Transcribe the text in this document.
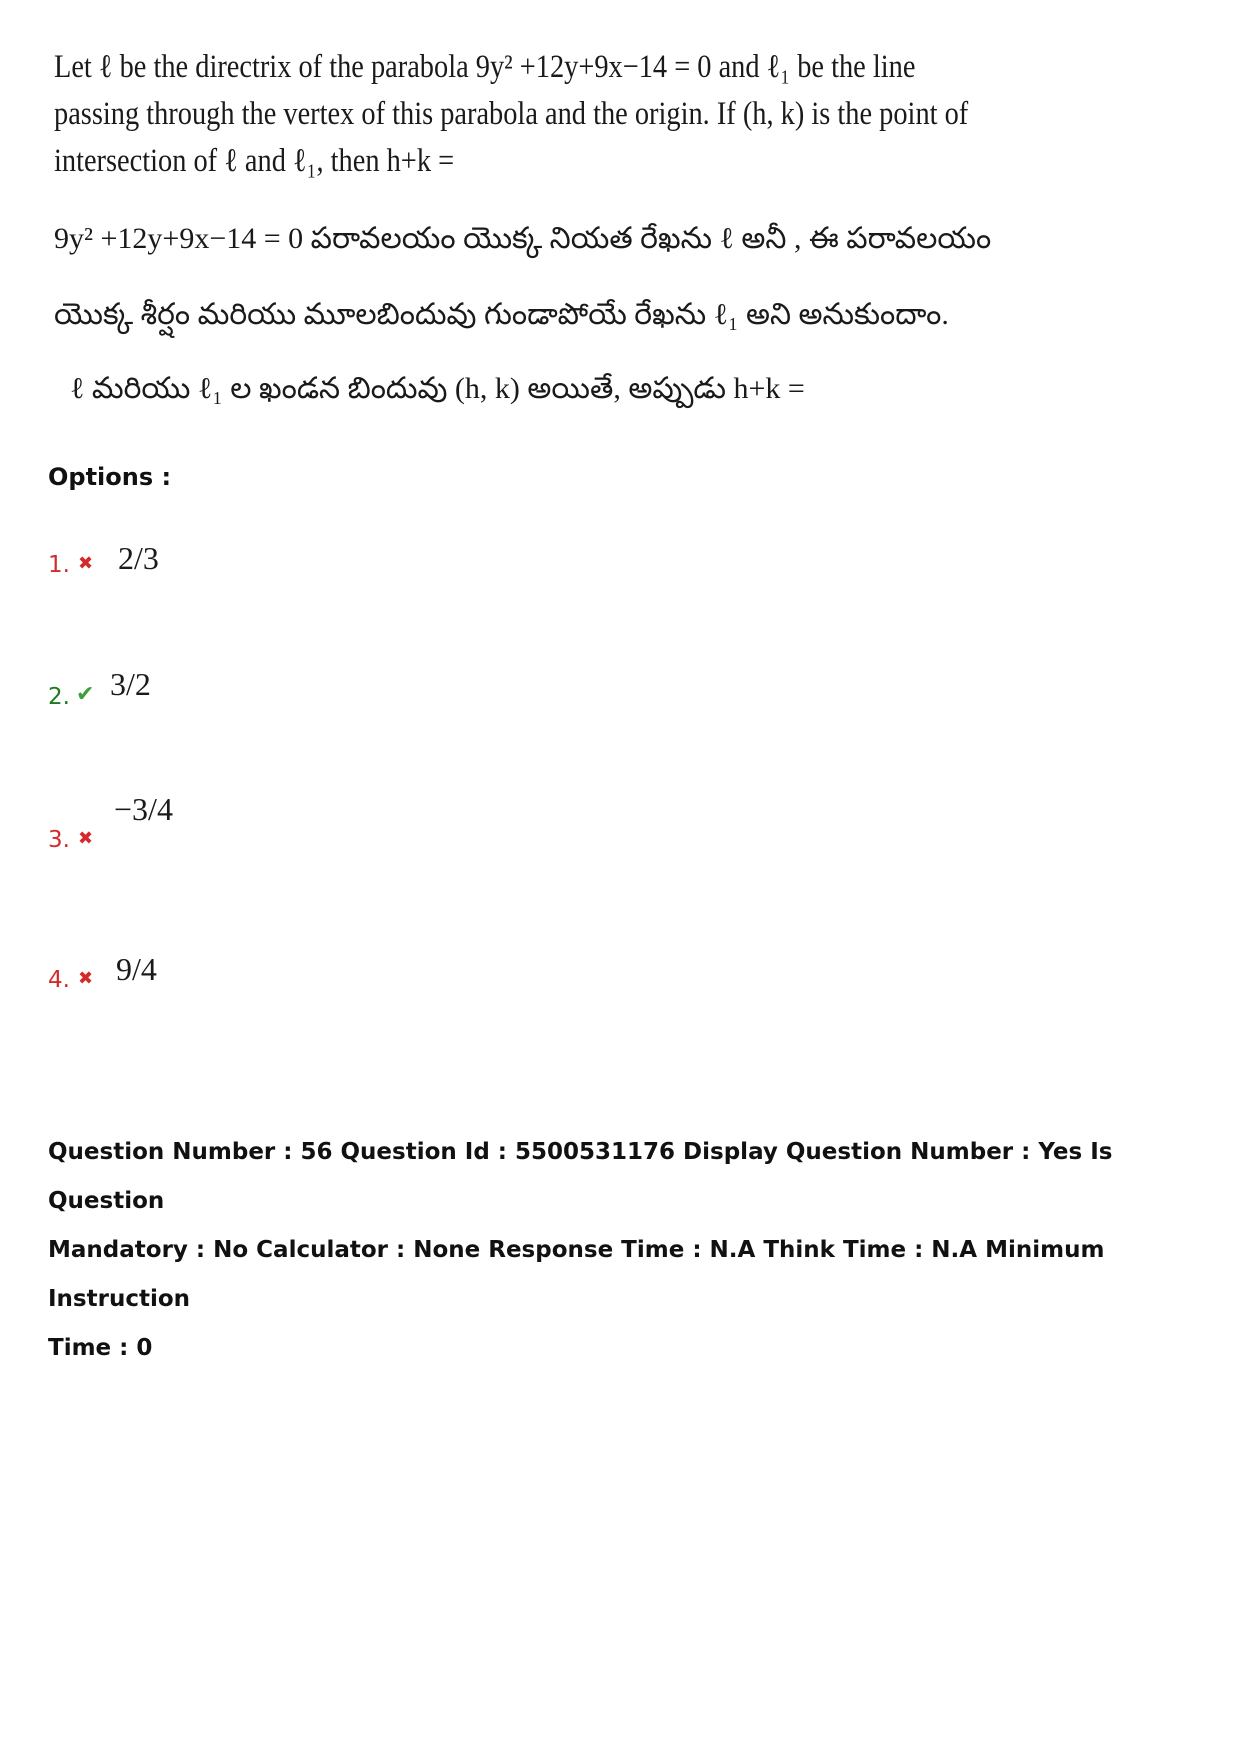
Let ℓ be the directrix of the parabola 9y² +12y+9x−14 = 0 and ℓ₁ be the line
passing through the vertex of this parabola and the origin. If (h, k) is the point of
intersection of ℓ and ℓ₁, then h+k =
9y² +12y+9x−14 = 0 పరావలయం యొక్క నియత రేఖను ℓ అనీ , ఈ పరావలయం
యొక్క శీర్షం మరియు మూలబిందువు గుండాపోయే రేఖను ℓ₁ అని అనుకుందాం.
ℓ మరియు ℓ₁ ల ఖండన బిందువు (h, k) అయితే, అప్పుడు h+k =
Options :
1. ✖ 2/3
2. ✔ 3/2
3. ✖
−3/4
4. ✖ 9/4
Question Number : 56 Question Id : 5500531176 Display Question Number : Yes Is Question
Mandatory : No Calculator : None Response Time : N.A Think Time : N.A Minimum Instruction
Time : 0
